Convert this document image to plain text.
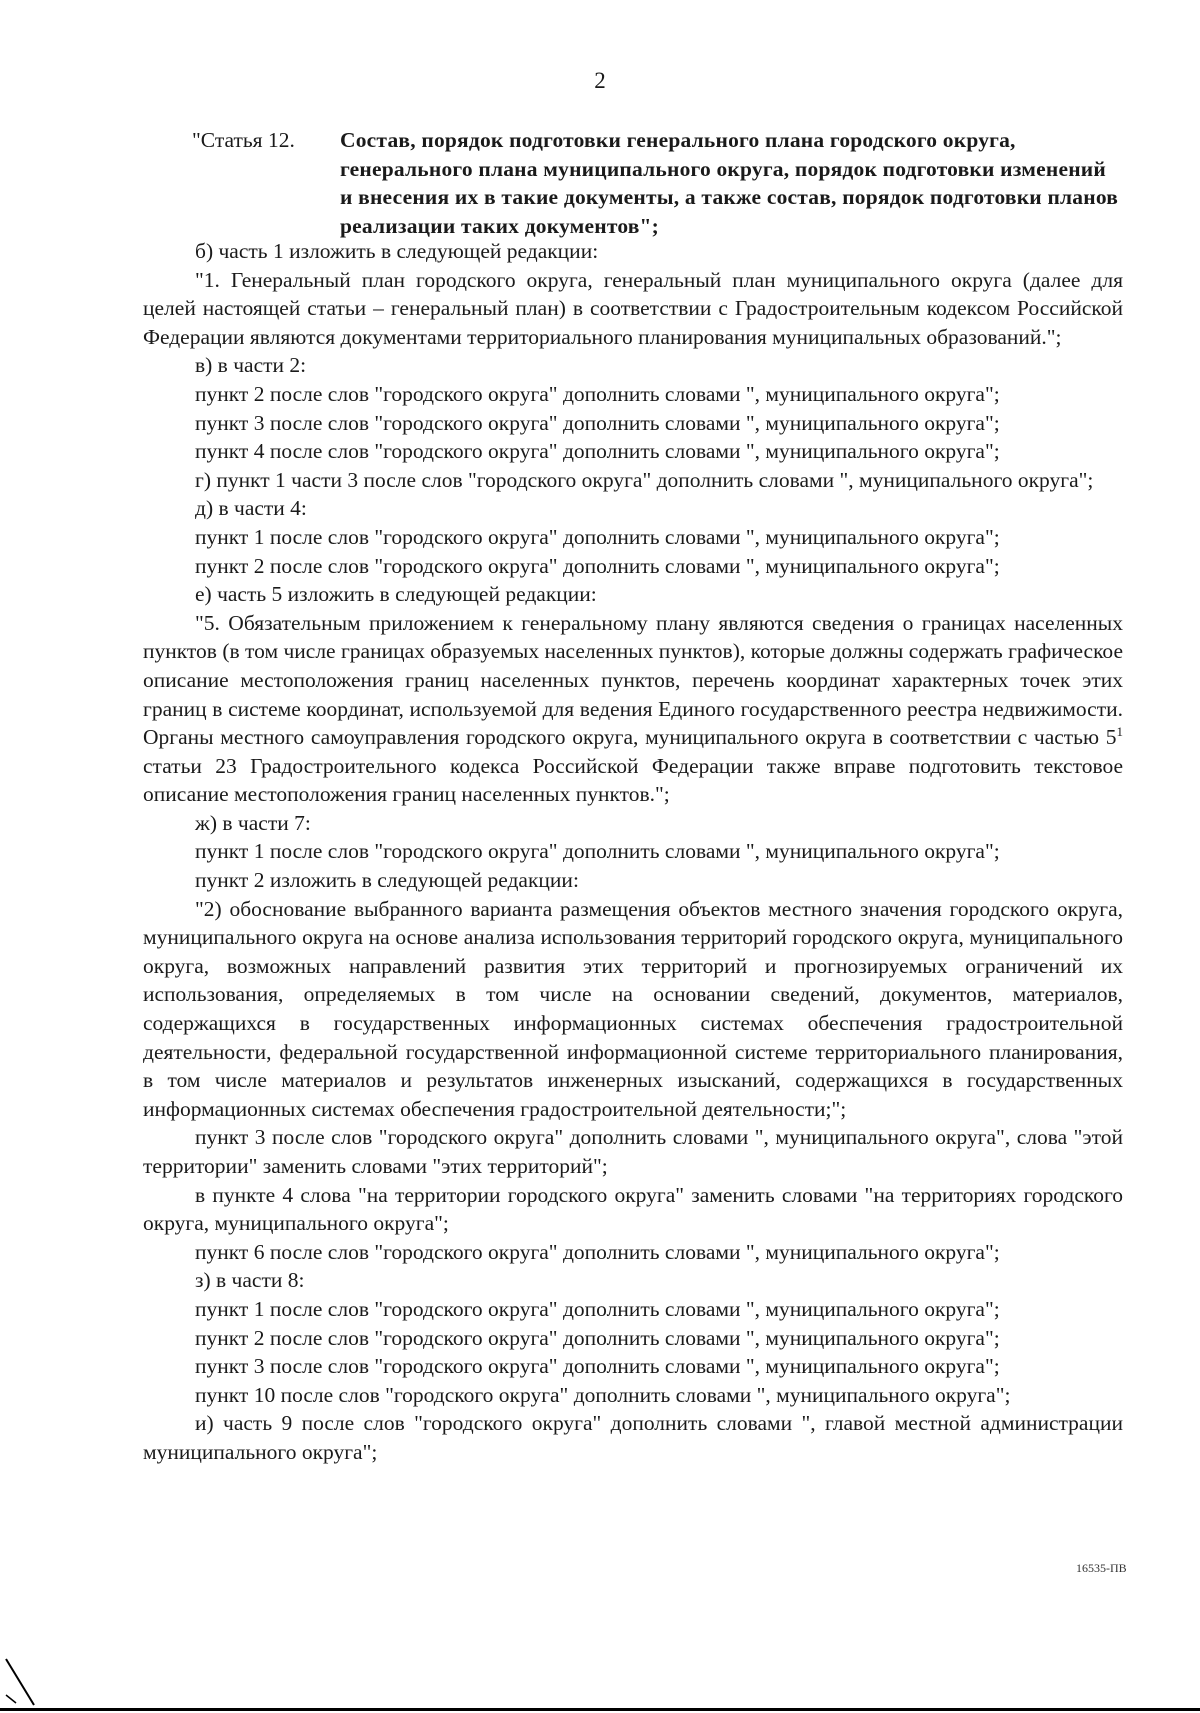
2
"Статья 12.	Состав, порядок подготовки генерального плана городского округа, генерального плана муниципального округа, порядок подготовки изменений и внесения их в такие документы, а также состав, порядок подготовки планов реализации таких документов";

б) часть 1 изложить в следующей редакции:

"1. Генеральный план городского округа, генеральный план муниципального округа (далее для целей настоящей статьи – генеральный план) в соответствии с Градостроительным кодексом Российской Федерации являются документами территориального планирования муниципальных образований.";

в) в части 2:

пункт 2 после слов "городского округа" дополнить словами ", муниципального округа";

пункт 3 после слов "городского округа" дополнить словами ", муниципального округа";

пункт 4 после слов "городского округа" дополнить словами ", муниципального округа";

г) пункт 1 части 3 после слов "городского округа" дополнить словами ", муниципального округа";

д) в части 4:

пункт 1 после слов "городского округа" дополнить словами ", муниципального округа";

пункт 2 после слов "городского округа" дополнить словами ", муниципального округа";

е) часть 5 изложить в следующей редакции:

"5. Обязательным приложением к генеральному плану являются сведения о границах населенных пунктов (в том числе границах образуемых населенных пунктов), которые должны содержать графическое описание местоположения границ населенных пунктов, перечень координат характерных точек этих границ в системе координат, используемой для ведения Единого государственного реестра недвижимости. Органы местного самоуправления городского округа, муниципального округа в соответствии с частью $5^1$ статьи 23 Градостроительного кодекса Российской Федерации также вправе подготовить текстовое описание местоположения границ населенных пунктов.";

ж) в части 7:

пункт 1 после слов "городского округа" дополнить словами ", муниципального округа";

пункт 2 изложить в следующей редакции:

"2) обоснование выбранного варианта размещения объектов местного значения городского округа, муниципального округа на основе анализа использования территорий городского округа, муниципального округа, возможных направлений развития этих территорий и прогнозируемых ограничений их использования, определяемых в том числе на основании сведений, документов, материалов, содержащихся в государственных информационных системах обеспечения градостроительной деятельности, федеральной государственной информационной системе территориального планирования, в том числе материалов и результатов инженерных изысканий, содержащихся в государственных информационных системах обеспечения градостроительной деятельности;";

пункт 3 после слов "городского округа" дополнить словами ", муниципального округа", слова "этой территории" заменить словами "этих территорий";

в пункте 4 слова "на территории городского округа" заменить словами "на территориях городского округа, муниципального округа";

пункт 6 после слов "городского округа" дополнить словами ", муниципального округа";

з) в части 8:

пункт 1 после слов "городского округа" дополнить словами ", муниципального округа";

пункт 2 после слов "городского округа" дополнить словами ", муниципального округа";

пункт 3 после слов "городского округа" дополнить словами ", муниципального округа";

пункт 10 после слов "городского округа" дополнить словами ", муниципального округа";

и) часть 9 после слов "городского округа" дополнить словами ", главой местной администрации муниципального округа";

16535-ПВ
